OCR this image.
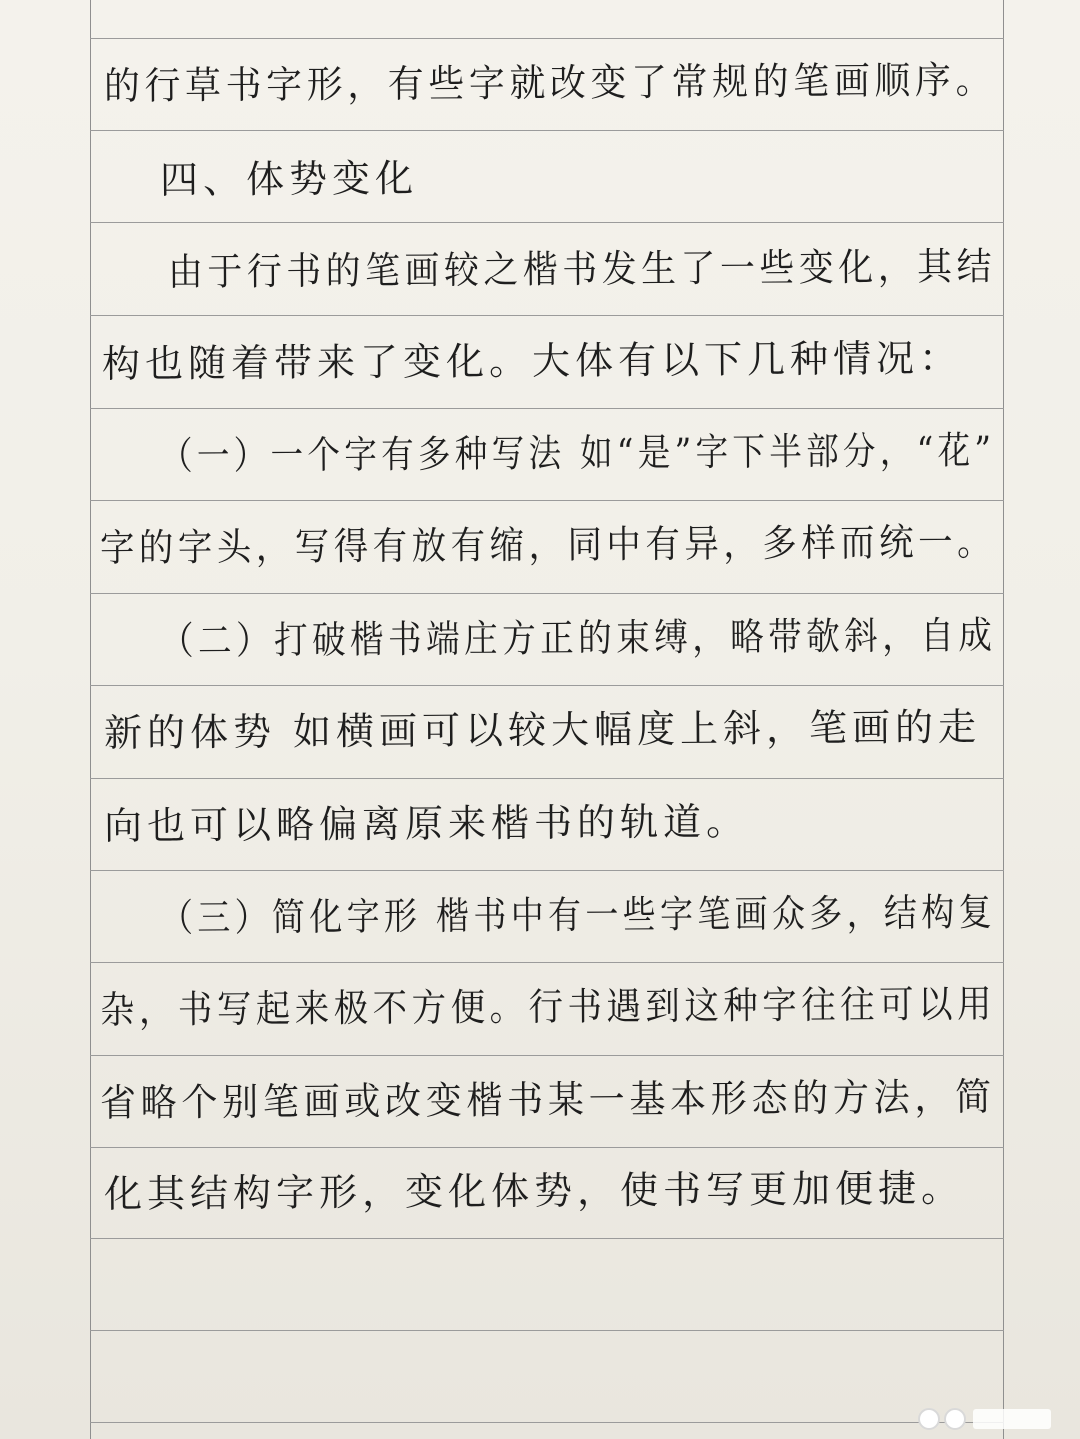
的行草书字形，有些字就改变了常规的笔画顺序。
四、体势变化
由于行书的笔画较之楷书发生了一些变化，其结
构也随着带来了变化。大体有以下几种情况：
（一）一个字有多种写法 如“是”字下半部分，“花”
字的字头，写得有放有缩，同中有异，多样而统一。
（二）打破楷书端庄方正的束缚，略带欹斜，自成
新的体势 如横画可以较大幅度上斜，笔画的走
向也可以略偏离原来楷书的轨道。
（三）简化字形 楷书中有一些字笔画众多，结构复
杂，书写起来极不方便。行书遇到这种字往往可以用
省略个别笔画或改变楷书某一基本形态的方法，简
化其结构字形，变化体势，使书写更加便捷。
